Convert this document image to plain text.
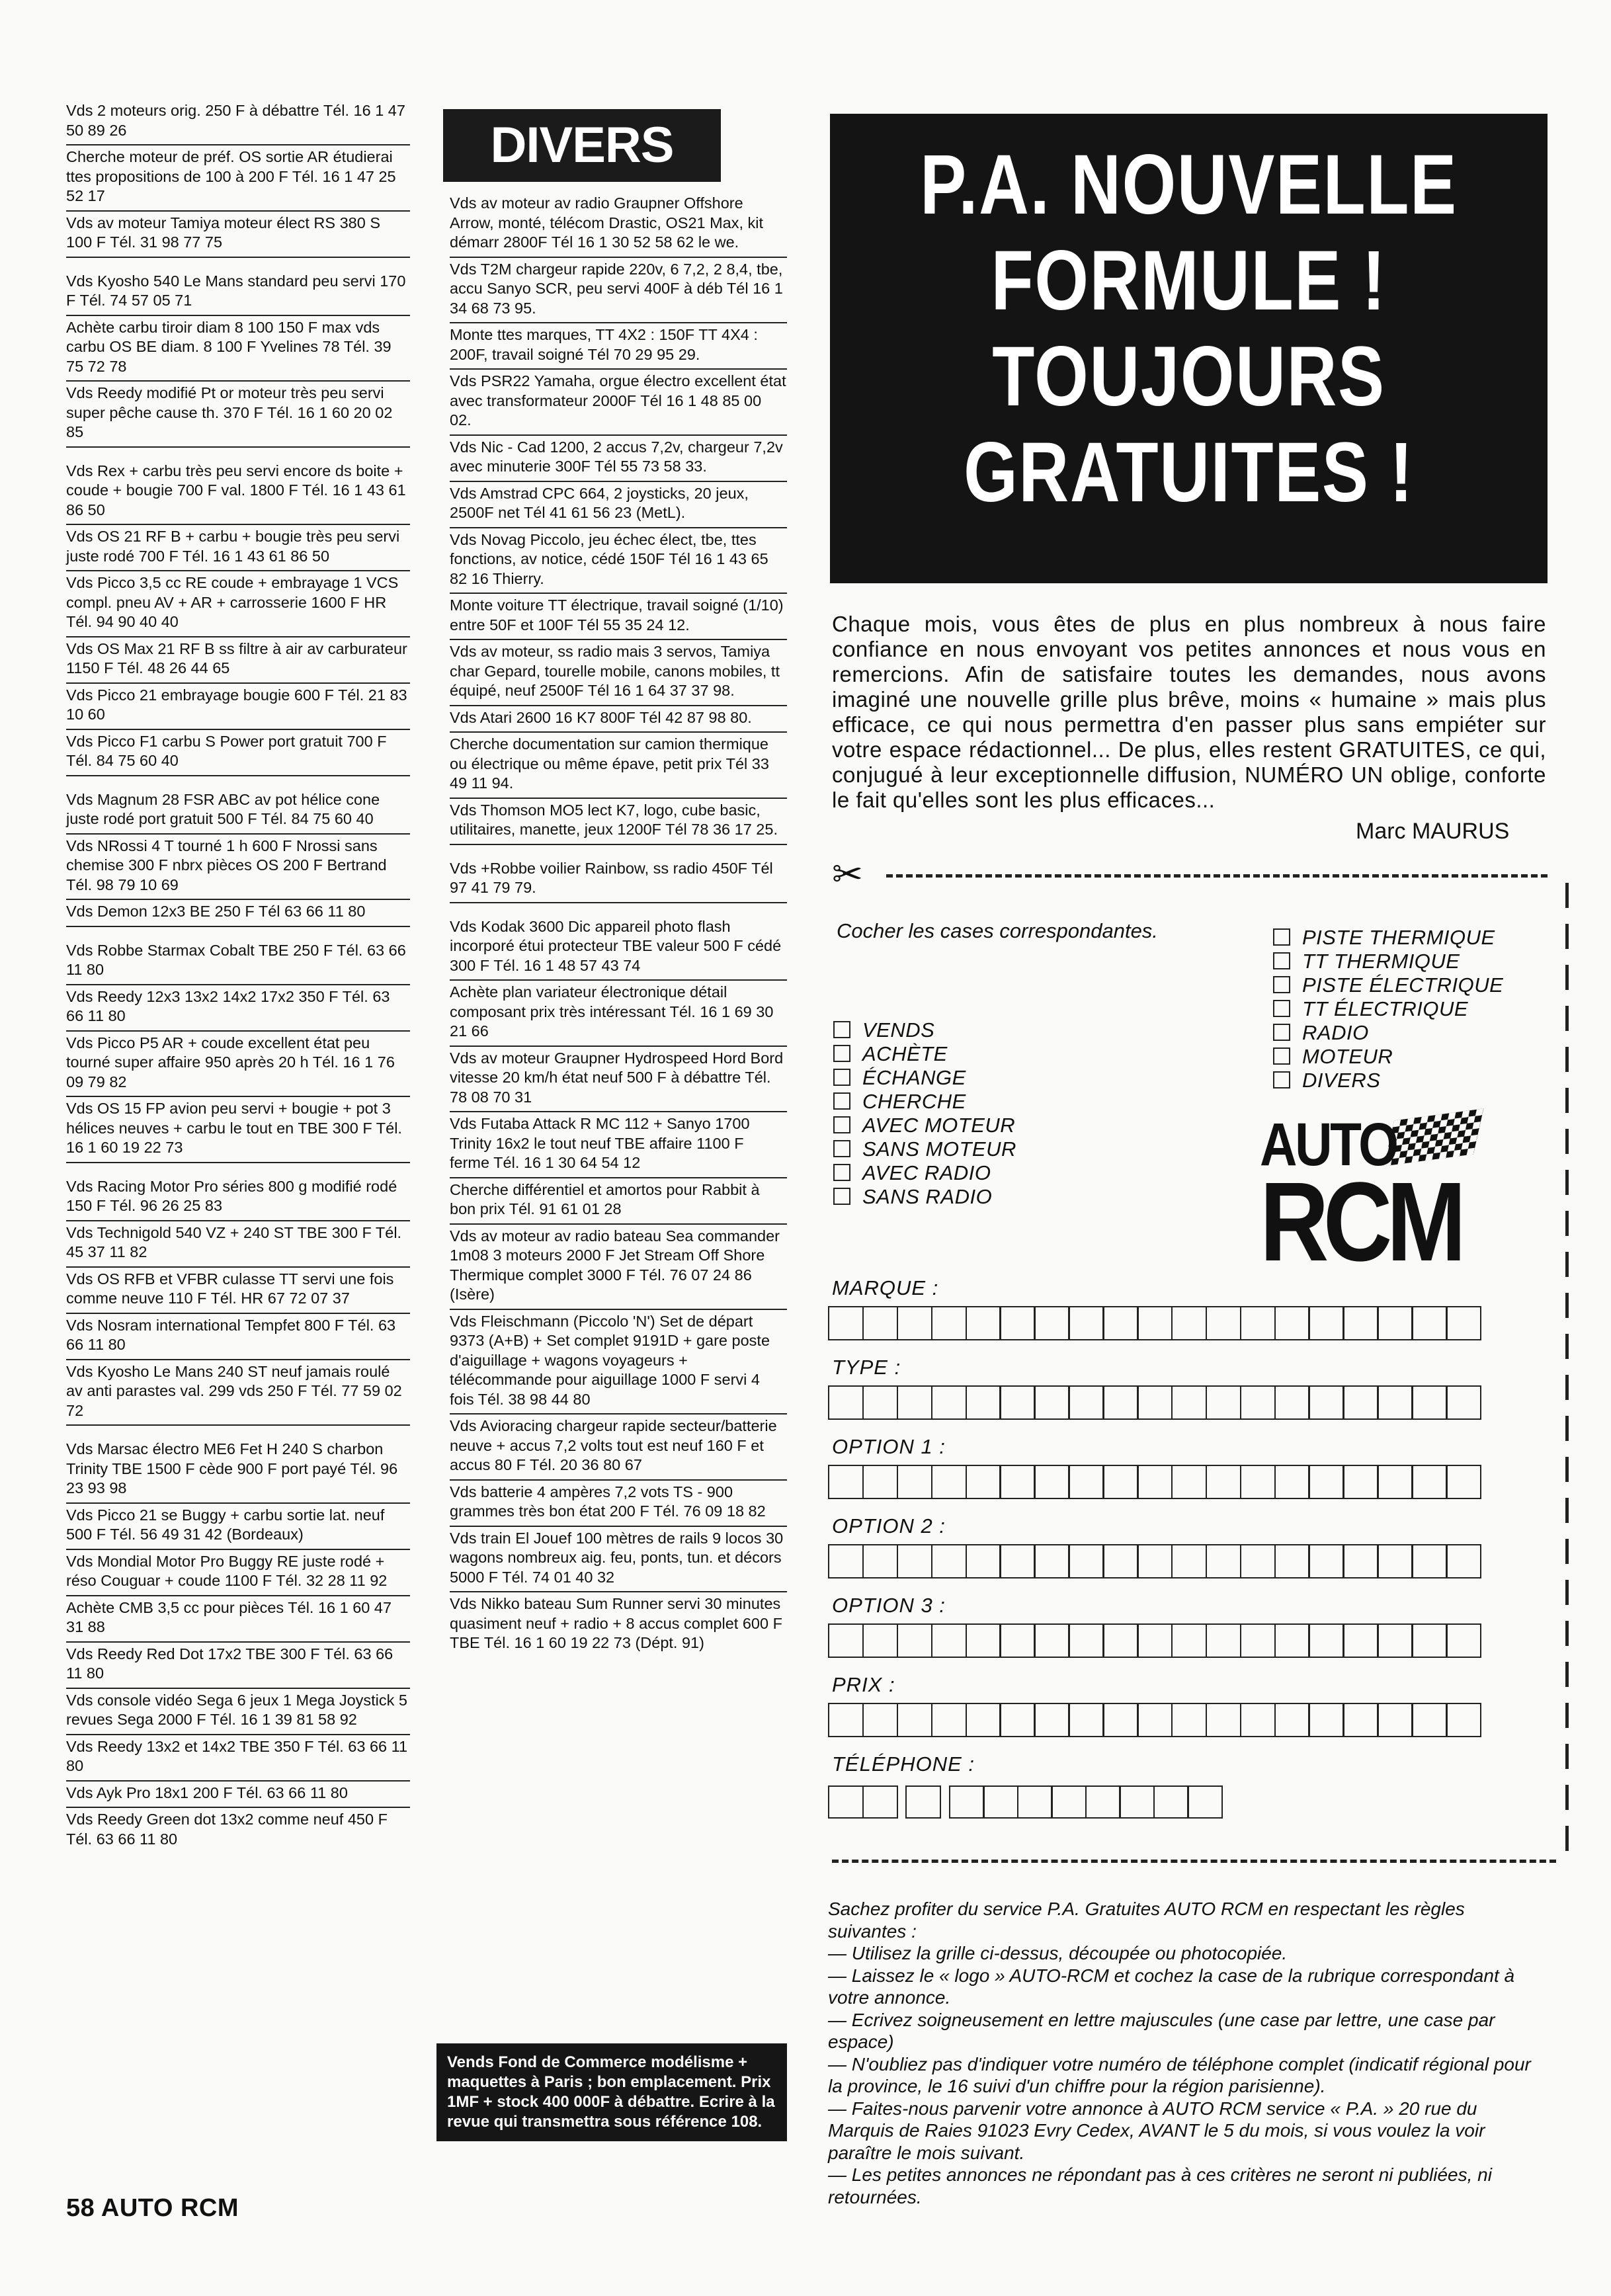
Vds 2 moteurs orig. 250 F à débattre Tél. 16 1 47 50 89 26
Cherche moteur de préf. OS sortie AR étudierai ttes propositions de 100 à 200 F Tél. 16 1 47 25 52 17
Vds av moteur Tamiya moteur élect RS 380 S 100 F Tél. 31 98 77 75
Vds Kyosho 540 Le Mans standard peu servi 170 F Tél. 74 57 05 71
Achète carbu tiroir diam 8 100 150 F max vds carbu OS BE diam. 8 100 F Yvelines 78 Tél. 39 75 72 78
Vds Reedy modifié Pt or moteur très peu servi super pêche cause th. 370 F Tél. 16 1 60 20 02 85
Vds Rex + carbu très peu servi encore ds boite + coude + bougie 700 F val. 1800 F Tél. 16 1 43 61 86 50
Vds OS 21 RF B + carbu + bougie très peu servi juste rodé 700 F Tél. 16 1 43 61 86 50
Vds Picco 3,5 cc RE coude + embrayage 1 VCS compl. pneu AV + AR + carrosserie 1600 F HR Tél. 94 90 40 40
Vds OS Max 21 RF B ss filtre à air av carburateur 1150 F Tél. 48 26 44 65
Vds Picco 21 embrayage bougie 600 F Tél. 21 83 10 60
Vds Picco F1 carbu S Power port gratuit 700 F Tél. 84 75 60 40
Vds Magnum 28 FSR ABC av pot hélice cone juste rodé port gratuit 500 F Tél. 84 75 60 40
Vds NRossi 4 T tourné 1 h 600 F Nrossi sans chemise 300 F nbrx pièces OS 200 F Bertrand Tél. 98 79 10 69
Vds Demon 12x3 BE 250 F Tél 63 66 11 80
Vds Robbe Starmax Cobalt TBE 250 F Tél. 63 66 11 80
Vds Reedy 12x3 13x2 14x2 17x2 350 F Tél. 63 66 11 80
Vds Picco P5 AR + coude excellent état peu tourné super affaire 950 après 20 h Tél. 16 1 76 09 79 82
Vds OS 15 FP avion peu servi + bougie + pot 3 hélices neuves + carbu le tout en TBE 300 F Tél. 16 1 60 19 22 73
Vds Racing Motor Pro séries 800 g modifié rodé 150 F Tél. 96 26 25 83
Vds Technigold 540 VZ + 240 ST TBE 300 F Tél. 45 37 11 82
Vds OS RFB et VFBR culasse TT servi une fois comme neuve 110 F Tél. HR 67 72 07 37
Vds Nosram international Tempfet 800 F Tél. 63 66 11 80
Vds Kyosho Le Mans 240 ST neuf jamais roulé av anti parastes val. 299 vds 250 F Tél. 77 59 02 72
Vds Marsac électro ME6 Fet H 240 S charbon Trinity TBE 1500 F cède 900 F port payé Tél. 96 23 93 98
Vds Picco 21 se Buggy + carbu sortie lat. neuf 500 F Tél. 56 49 31 42 (Bordeaux)
Vds Mondial Motor Pro Buggy RE juste rodé + réso Couguar + coude 1100 F Tél. 32 28 11 92
Achète CMB 3,5 cc pour pièces Tél. 16 1 60 47 31 88
Vds Reedy Red Dot 17x2 TBE 300 F Tél. 63 66 11 80
Vds console vidéo Sega 6 jeux 1 Mega Joystick 5 revues Sega 2000 F Tél. 16 1 39 81 58 92
Vds Reedy 13x2 et 14x2 TBE 350 F Tél. 63 66 11 80
Vds Ayk Pro 18x1 200 F Tél. 63 66 11 80
Vds Reedy Green dot 13x2 comme neuf 450 F Tél. 63 66 11 80
DIVERS
Vds av moteur av radio Graupner Offshore Arrow, monté, télécom Drastic, OS21 Max, kit démarr 2800F Tél 16 1 30 52 58 62 le we.
Vds T2M chargeur rapide 220v, 6 7,2, 2 8,4, tbe, accu Sanyo SCR, peu servi 400F à déb Tél 16 1 34 68 73 95.
Monte ttes marques, TT 4X2 : 150F TT 4X4 : 200F, travail soigné Tél 70 29 95 29.
Vds PSR22 Yamaha, orgue électro excellent état avec transformateur 2000F Tél 16 1 48 85 00 02.
Vds Nic - Cad 1200, 2 accus 7,2v, chargeur 7,2v avec minuterie 300F Tél 55 73 58 33.
Vds Amstrad CPC 664, 2 joysticks, 20 jeux, 2500F net Tél 41 61 56 23 (MetL).
Vds Novag Piccolo, jeu échec élect, tbe, ttes fonctions, av notice, cédé 150F Tél 16 1 43 65 82 16 Thierry.
Monte voiture TT électrique, travail soigné (1/10) entre 50F et 100F Tél 55 35 24 12.
Vds av moteur, ss radio mais 3 servos, Tamiya char Gepard, tourelle mobile, canons mobiles, tt équipé, neuf 2500F Tél 16 1 64 37 37 98.
Vds Atari 2600 16 K7 800F Tél 42 87 98 80.
Cherche documentation sur camion thermique ou électrique ou même épave, petit prix Tél 33 49 11 94.
Vds Thomson MO5 lect K7, logo, cube basic, utilitaires, manette, jeux 1200F Tél 78 36 17 25.
Vds +Robbe voilier Rainbow, ss radio 450F Tél 97 41 79 79.
Vds Kodak 3600 Dic appareil photo flash incorporé étui protecteur TBE valeur 500 F cédé 300 F Tél. 16 1 48 57 43 74
Achète plan variateur électronique détail composant prix très intéressant Tél. 16 1 69 30 21 66
Vds av moteur Graupner Hydrospeed Hord Bord vitesse 20 km/h état neuf 500 F à débattre Tél. 78 08 70 31
Vds Futaba Attack R MC 112 + Sanyo 1700 Trinity 16x2 le tout neuf TBE affaire 1100 F ferme Tél. 16 1 30 64 54 12
Cherche différentiel et amortos pour Rabbit à bon prix Tél. 91 61 01 28
Vds av moteur av radio bateau Sea commander 1m08 3 moteurs 2000 F Jet Stream Off Shore Thermique complet 3000 F Tél. 76 07 24 86 (Isère)
Vds Fleischmann (Piccolo 'N') Set de départ 9373 (A+B) + Set complet 9191D + gare poste d'aiguillage + wagons voyageurs + télécommande pour aiguillage 1000 F servi 4 fois Tél. 38 98 44 80
Vds Avioracing chargeur rapide secteur/batterie neuve + accus 7,2 volts tout est neuf 160 F et accus 80 F Tél. 20 36 80 67
Vds batterie 4 ampères 7,2 vots TS - 900 grammes très bon état 200 F Tél. 76 09 18 82
Vds train El Jouef 100 mètres de rails 9 locos 30 wagons nombreux aig. feu, ponts, tun. et décors 5000 F Tél. 74 01 40 32
Vds Nikko bateau Sum Runner servi 30 minutes quasiment neuf + radio + 8 accus complet 600 F TBE Tél. 16 1 60 19 22 73 (Dépt. 91)
Vends Fond de Commerce modélisme + maquettes à Paris ; bon emplacement. Prix 1MF + stock 400 000F à débattre. Ecrire à la revue qui transmettra sous référence 108.
P.A. NOUVELLE
FORMULE !
TOUJOURS
GRATUITES !
Chaque mois, vous êtes de plus en plus nombreux à nous faire confiance en nous envoyant vos petites annonces et nous vous en remercions. Afin de satisfaire toutes les demandes, nous avons imaginé une nouvelle grille plus brêve, moins « humaine » mais plus efficace, ce qui nous permettra d'en passer plus sans empiéter sur votre espace rédactionnel... De plus, elles restent GRATUITES, ce qui, conjugué à leur exceptionnelle diffusion, NUMÉRO UN oblige, conforte le fait qu'elles sont les plus efficaces...
Marc MAURUS
✂
Cocher les cases correspondantes.	PISTE THERMIQUE
TT THERMIQUE
PISTE ÉLECTRIQUE
TT ÉLECTRIQUE
RADIO
MOTEUR
DIVERS
VENDS
ACHÈTE
ÉCHANGE
CHERCHE
AVEC MOTEUR
SANS MOTEUR
AVEC RADIO
SANS RADIO
AUTO
RCM
MARQUE :
TYPE :
OPTION 1 :
OPTION 2 :
OPTION 3 :
PRIX :
TÉLÉPHONE :
Sachez profiter du service P.A. Gratuites AUTO RCM en respectant les règles suivantes :
— Utilisez la grille ci-dessus, découpée ou photocopiée.
— Laissez le « logo » AUTO-RCM et cochez la case de la rubrique correspondant à votre annonce.
— Ecrivez soigneusement en lettre majuscules (une case par lettre, une case par espace)
— N'oubliez pas d'indiquer votre numéro de téléphone complet (indicatif régional pour la province, le 16 suivi d'un chiffre pour la région parisienne).
— Faites-nous parvenir votre annonce à AUTO RCM service « P.A. » 20 rue du Marquis de Raies 91023 Evry Cedex, AVANT le 5 du mois, si vous voulez la voir paraître le mois suivant.
— Les petites annonces ne répondant pas à ces critères ne seront ni publiées, ni retournées.
58 AUTO RCM
